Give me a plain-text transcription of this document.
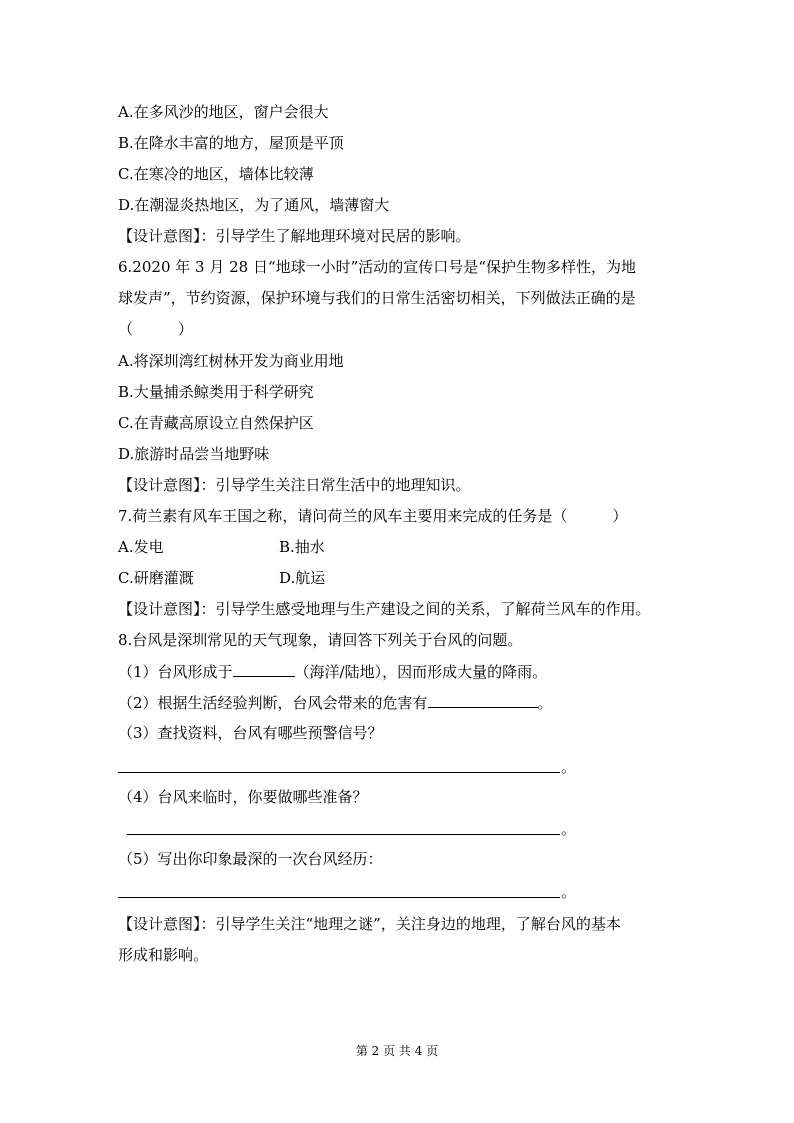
A.在多风沙的地区，窗户会很大
B.在降水丰富的地方，屋顶是平顶
C.在寒冷的地区，墙体比较薄
D.在潮湿炎热地区，为了通风，墙薄窗大
【设计意图】：引导学生了解地理环境对民居的影响。
6.2020 年 3 月 28 日“地球一小时”活动的宣传口号是“保护生物多样性，为地
球发声”，节约资源，保护环境与我们的日常生活密切相关，下列做法正确的是
（　　　）
A.将深圳湾红树林开发为商业用地
B.大量捕杀鲸类用于科学研究
C.在青藏高原设立自然保护区
D.旅游时品尝当地野味
【设计意图】：引导学生关注日常生活中的地理知识。
7.荷兰素有风车王国之称，请问荷兰的风车主要用来完成的任务是（　　　）
A.发电	B.抽水
C.研磨灌溉	D.航运
【设计意图】：引导学生感受地理与生产建设之间的关系，了解荷兰风车的作用。
8.台风是深圳常见的天气现象，请回答下列关于台风的问题。
（1）台风形成于	（海洋/陆地），因而形成大量的降雨。
（2）根据生活经验判断，台风会带来的危害有	。
（3）查找资料，台风有哪些预警信号？
。
（4）台风来临时，你要做哪些准备？
。
（5）写出你印象最深的一次台风经历：
。
【设计意图】：引导学生关注“地理之谜”，关注身边的地理，了解台风的基本
形成和影响。
第 2 页 共 4 页
